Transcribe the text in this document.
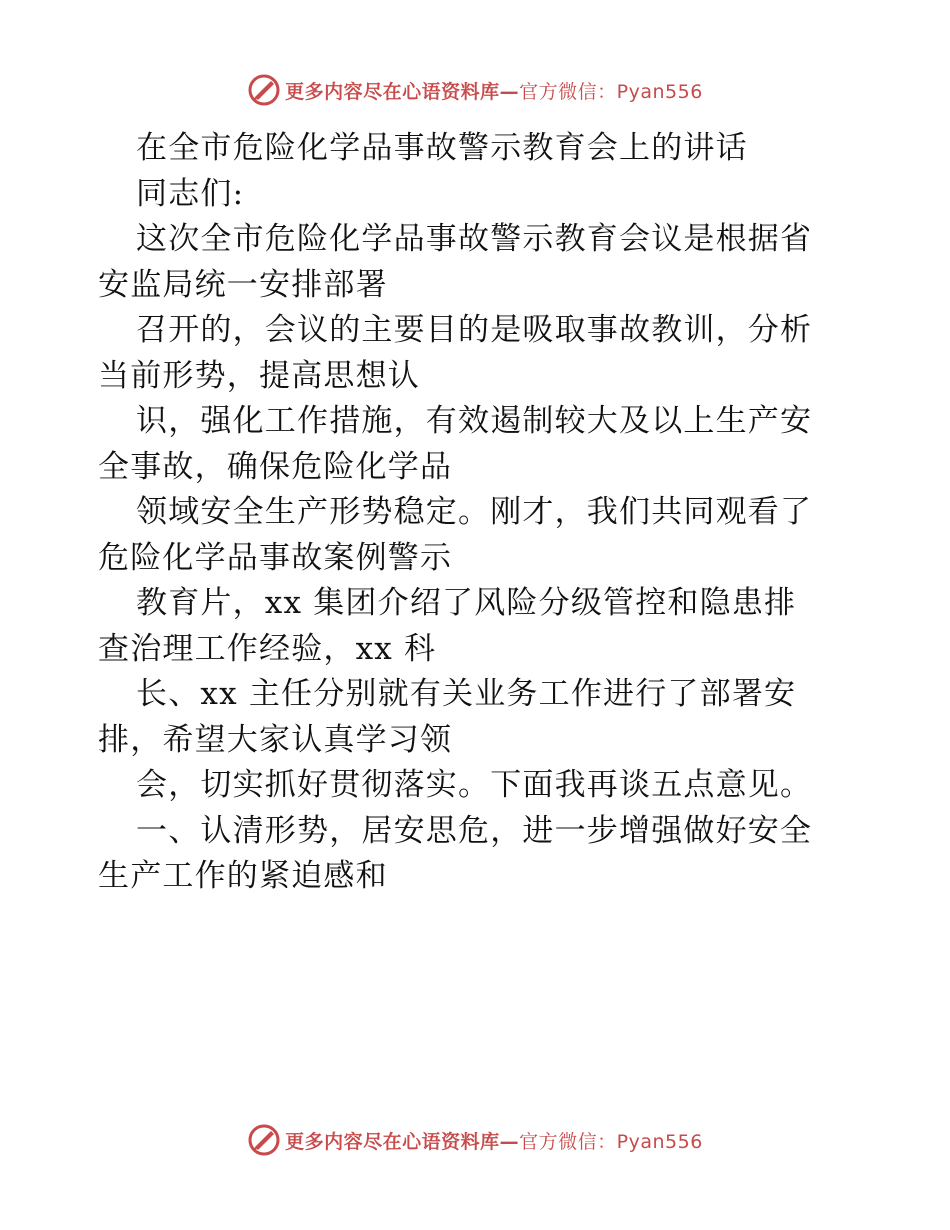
更多内容尽在心语资料库—官方微信：Pyan556
在全市危险化学品事故警示教育会上的讲话
同志们:
这次全市危险化学品事故警示教育会议是根据省
安监局统一安排部署
召开的，会议的主要目的是吸取事故教训，分析
当前形势，提高思想认
识，强化工作措施，有效遏制较大及以上生产安
全事故，确保危险化学品
领域安全生产形势稳定。刚才，我们共同观看了
危险化学品事故案例警示
教育片，xx 集团介绍了风险分级管控和隐患排
查治理工作经验，xx 科
长、xx 主任分别就有关业务工作进行了部署安
排，希望大家认真学习领
会，切实抓好贯彻落实。下面我再谈五点意见。
一、认清形势，居安思危，进一步增强做好安全
生产工作的紧迫感和
更多内容尽在心语资料库—官方微信：Pyan556
